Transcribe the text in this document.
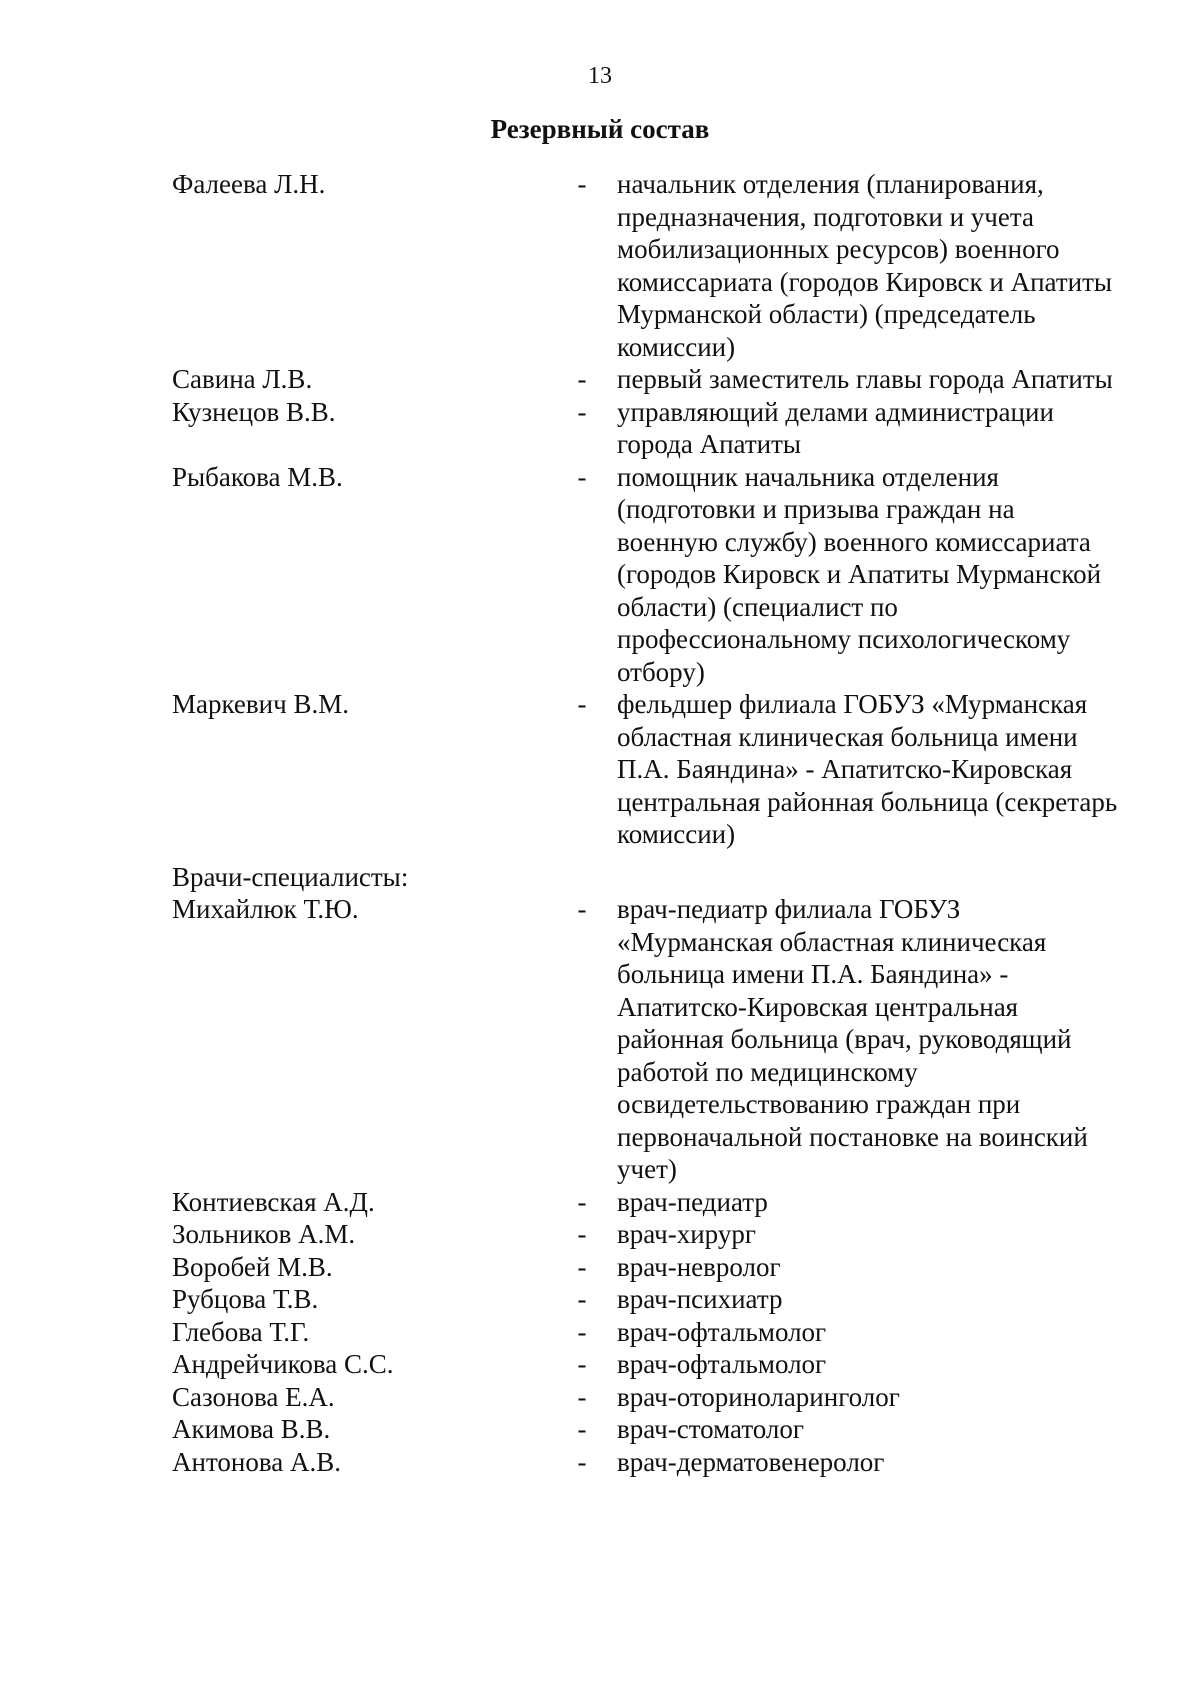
13
Резервный состав
Фалеева Л.Н.	-	начальник отделения (планирования,
предназначения, подготовки и учета
мобилизационных ресурсов) военного
комиссариата (городов Кировск и Апатиты
Мурманской области) (председатель
комиссии)
Савина Л.В.	-	первый заместитель главы города Апатиты
Кузнецов В.В.	-	управляющий делами администрации
города Апатиты
Рыбакова М.В.	-	помощник начальника отделения
(подготовки и призыва граждан на
военную службу) военного комиссариата
(городов Кировск и Апатиты Мурманской
области) (специалист по
профессиональному психологическому
отбору)
Маркевич В.М.	-	фельдшер филиала ГОБУЗ «Мурманская
областная клиническая больница имени
П.А. Баяндина» - Апатитско-Кировская
центральная районная больница (секретарь
комиссии)
Врачи-специалисты:
Михайлюк Т.Ю.	-	врач-педиатр филиала ГОБУЗ
«Мурманская областная клиническая
больница имени П.А. Баяндина» -
Апатитско-Кировская центральная
районная больница (врач, руководящий
работой по медицинскому
освидетельствованию граждан при
первоначальной постановке на воинский
учет)
Контиевская А.Д.	-	врач-педиатр
Зольников А.М.	-	врач-хирург
Воробей М.В.	-	врач-невролог
Рубцова Т.В.	-	врач-психиатр
Глебова Т.Г.	-	врач-офтальмолог
Андрейчикова С.С.	-	врач-офтальмолог
Сазонова Е.А.	-	врач-оториноларинголог
Акимова В.В.	-	врач-стоматолог
Антонова А.В.	-	врач-дерматовенеролог
